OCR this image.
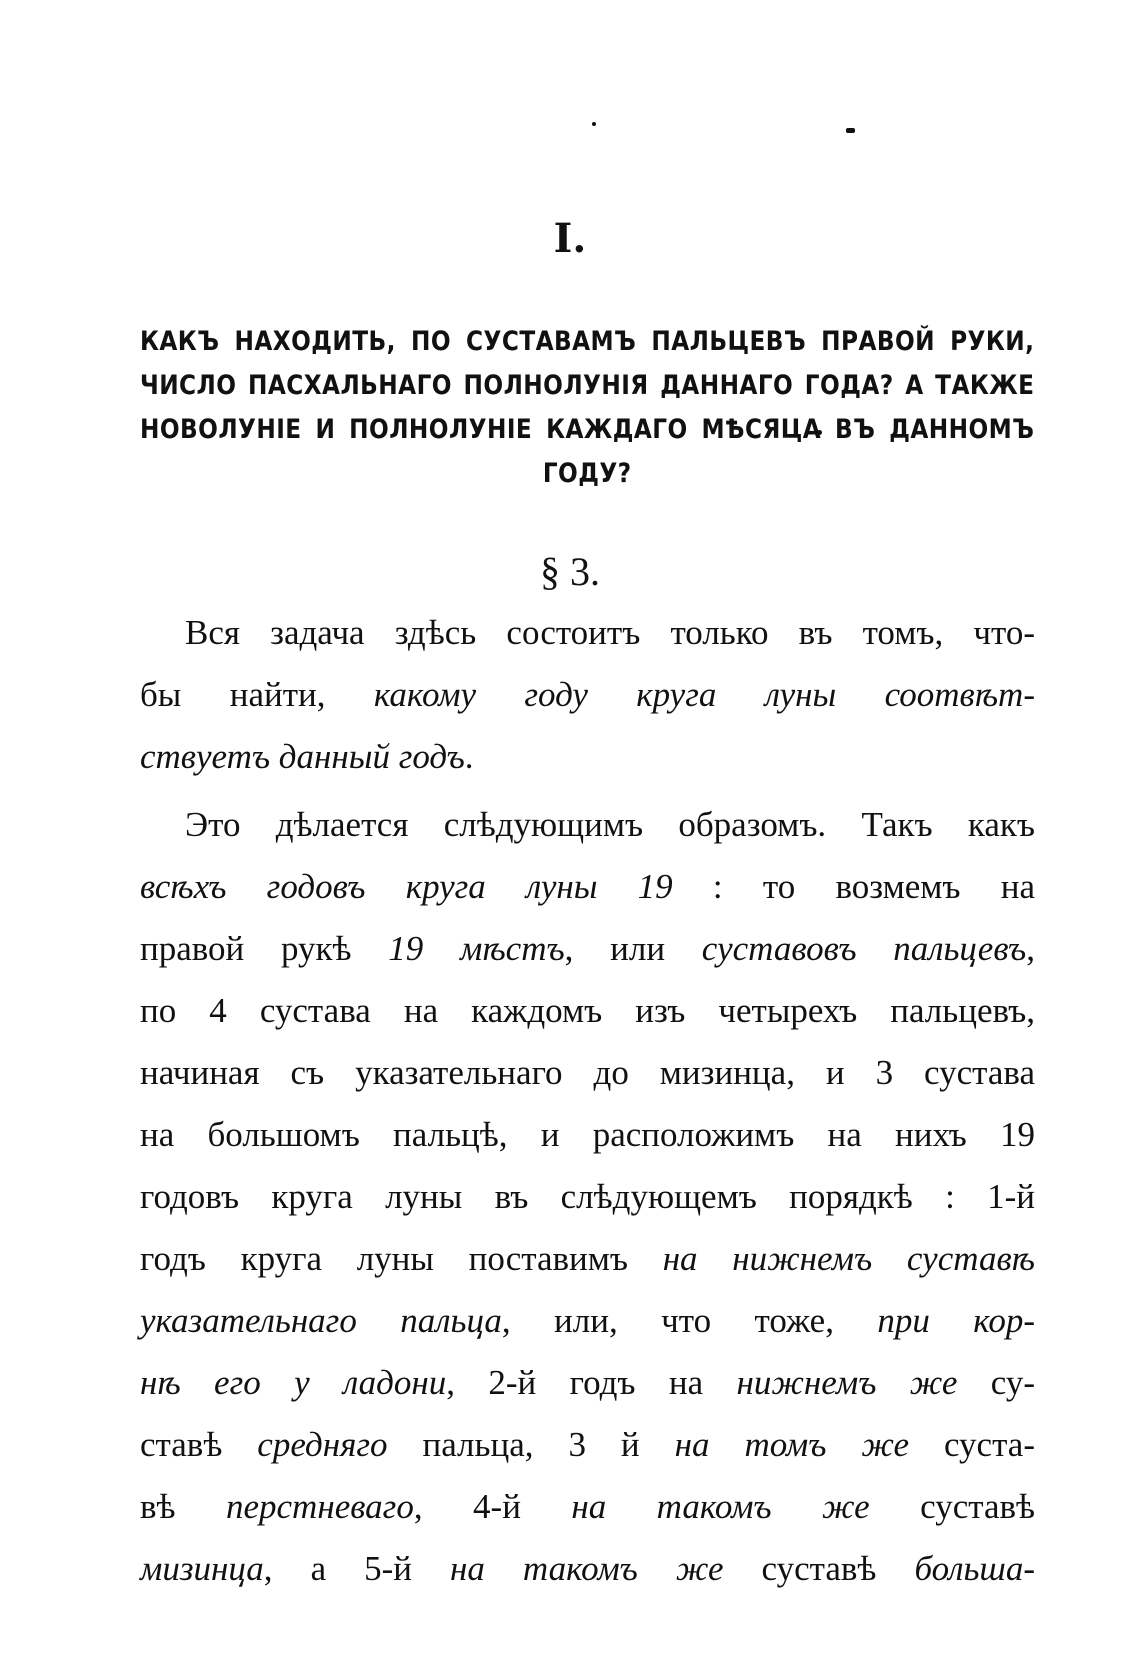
I.
КАКЪ НАХОДИТЬ, ПО СУСТАВАМЪ ПАЛЬЦЕВЪ ПРАВОЙ РУКИ,
ЧИСЛО ПАСХАЛЬНАГО ПОЛНОЛУНІЯ ДАННАГО ГОДА? А ТАКЖЕ
НОВОЛУНІЕ И ПОЛНОЛУНІЕ КАЖДАГО МѢСЯЦА ВЪ ДАННОМЪ
ГОДУ?
§ 3.
Вся задача здѣсь состоитъ только въ томъ, что-
бы найти, какому году круга луны соотвѣт-
ствуетъ данный годъ.
Это дѣлается слѣдующимъ образомъ. Такъ какъ
всѣхъ годовъ круга луны 19 : то возмемъ на
правой рукѣ 19 мѣстъ, или суставовъ пальцевъ,
по 4 сустава на каждомъ изъ четырехъ пальцевъ,
начиная съ указательнаго до мизинца, и 3 сустава
на большомъ пальцѣ, и расположимъ на нихъ 19
годовъ круга луны въ слѣдующемъ порядкѣ : 1-й
годъ круга луны поставимъ на нижнемъ суставѣ
указательнаго пальца, или, что тоже, при кор-
нѣ его у ладони, 2-й годъ на нижнемъ же су-
ставѣ средняго пальца, 3 й на томъ же суста-
вѣ перстневаго, 4-й на такомъ же суставѣ
мизинца, а 5-й на такомъ же суставѣ больша-
